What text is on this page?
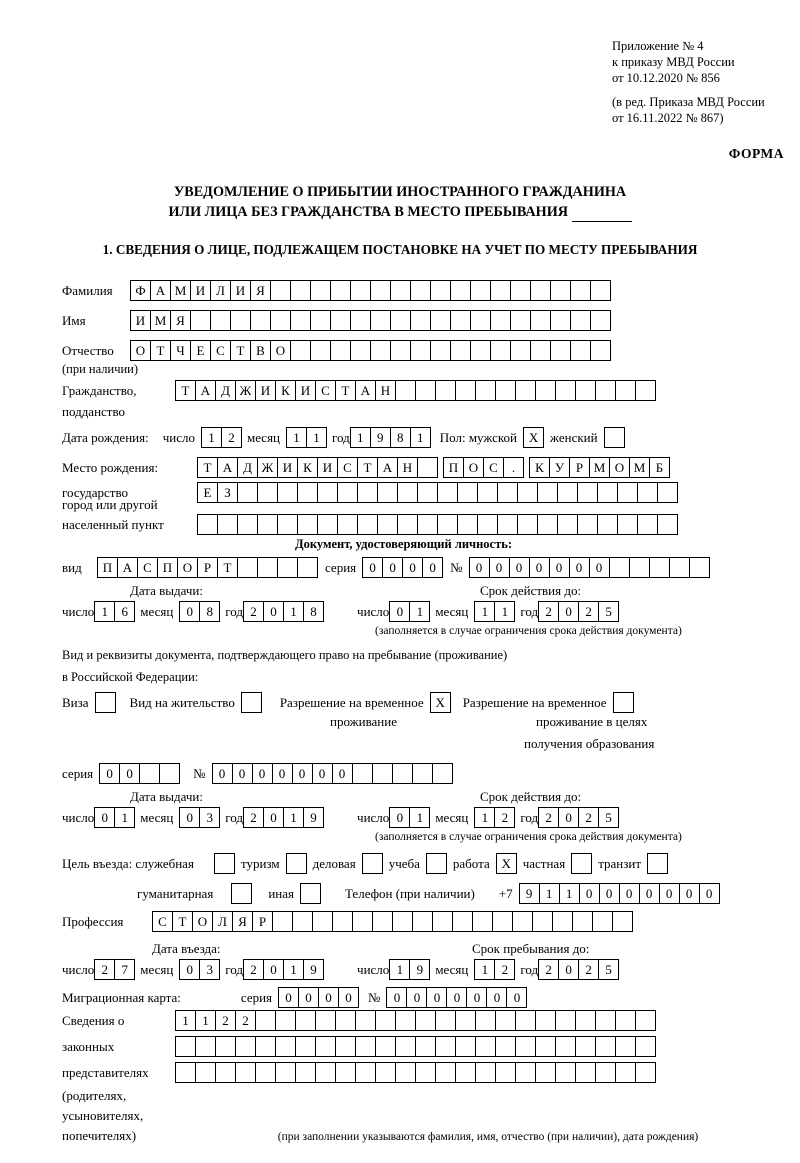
Приложение № 4
к приказу МВД России
от 10.12.2020 № 856
(в ред. Приказа МВД России
от 16.11.2022 № 867)
ФОРМА
УВЕДОМЛЕНИЕ О ПРИБЫТИИ ИНОСТРАННОГО ГРАЖДАНИНА
ИЛИ ЛИЦА БЕЗ ГРАЖДАНСТВА В МЕСТО ПРЕБЫВАНИЯ
1. СВЕДЕНИЯ О ЛИЦЕ, ПОДЛЕЖАЩЕМ ПОСТАНОВКЕ НА УЧЕТ ПО МЕСТУ ПРЕБЫВАНИЯ
Фамилия	Ф А М И Л И Я
Имя	И М Я
Отчество	О Т Ч Е С Т В О
(при наличии)
Гражданство,	Т А Д Ж И К И С Т А Н
подданство
Дата рождения: число	1	2 месяц	1	1 год 1	9	8	1	Пол: мужской X женский
Место рождения:	Т А Д Ж И К И С Т А Н	П О С	.	К У Р М О М Б
государство	Е З
город или другой
населенный пункт
Документ, удостоверяющий личность:
вид	П А С П О Р Т	серия	0	0	0	0	№	0	0	0	0	0	0	0
Дата выдачи:	Срок действия до:
число 1	6 месяц	0	8 год 2	0	1	8	число 0	1 месяц	1	1 год 2	0	2	5
(заполняется в случае ограничения срока действия документа)
Вид и реквизиты документа, подтверждающего право на пребывание (проживание)
в Российской Федерации:
Виза	Вид на жительство	Разрешение на временное X	Разрешение на временное
проживание	проживание в целях
получения образования
серия	0	0	№	0	0	0	0	0	0	0
Дата выдачи:	Срок действия до:
число 0	1 месяц	0	3 год 2	0	1	9	число 0	1 месяц	1	2 год 2	0	2	5
(заполняется в случае ограничения срока действия документа)
Цель въезда: служебная	туризм	деловая	учеба	работа X частная	транзит
гуманитарная	иная	Телефон (при наличии) +7	9	1	1	0	0	0	0	0	0	0
Профессия	С Т О Л Я Р
Дата въезда:	Срок пребывания до:
число 2	7 месяц	0	3 год 2	0	1	9	число 1	9 месяц	1	2 год 2	0	2	5
Миграционная карта:	серия	0	0	0	0	№	0	0	0	0	0	0	0
Сведения о	1	1	2	2
законных
представителях
(родителях,
усыновителях,
попечителях)	(при заполнении указываются фамилия, имя, отчество (при наличии), дата рождения)
